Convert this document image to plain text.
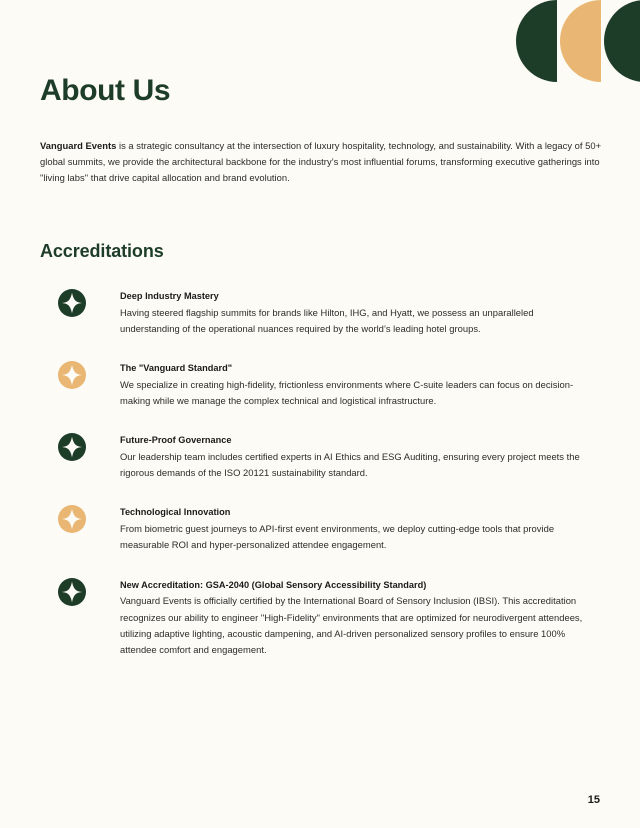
About Us

Vanguard Events is a strategic consultancy at the intersection of luxury hospitality, technology, and sustainability. With a legacy of 50+ global summits, we provide the architectural backbone for the industry’s most influential forums, transforming executive gatherings into "living labs" that drive capital allocation and brand evolution.

Accreditations
Deep Industry Mastery
Having steered flagship summits for brands like Hilton, IHG, and Hyatt, we possess an unparalleled understanding of the operational nuances required by the world’s leading hotel groups.
The "Vanguard Standard"
We specialize in creating high-fidelity, frictionless environments where C-suite leaders can focus on decision-making while we manage the complex technical and logistical infrastructure.
Future-Proof Governance
Our leadership team includes certified experts in AI Ethics and ESG Auditing, ensuring every project meets the rigorous demands of the ISO 20121 sustainability standard.
Technological Innovation
From biometric guest journeys to API-first event environments, we deploy cutting-edge tools that provide measurable ROI and hyper-personalized attendee engagement.
New Accreditation: GSA-2040 (Global Sensory Accessibility Standard)
Vanguard Events is officially certified by the International Board of Sensory Inclusion (IBSI). This accreditation recognizes our ability to engineer "High-Fidelity" environments that are optimized for neurodivergent attendees, utilizing adaptive lighting, acoustic dampening, and AI-driven personalized sensory profiles to ensure 100% attendee comfort and engagement.
15
